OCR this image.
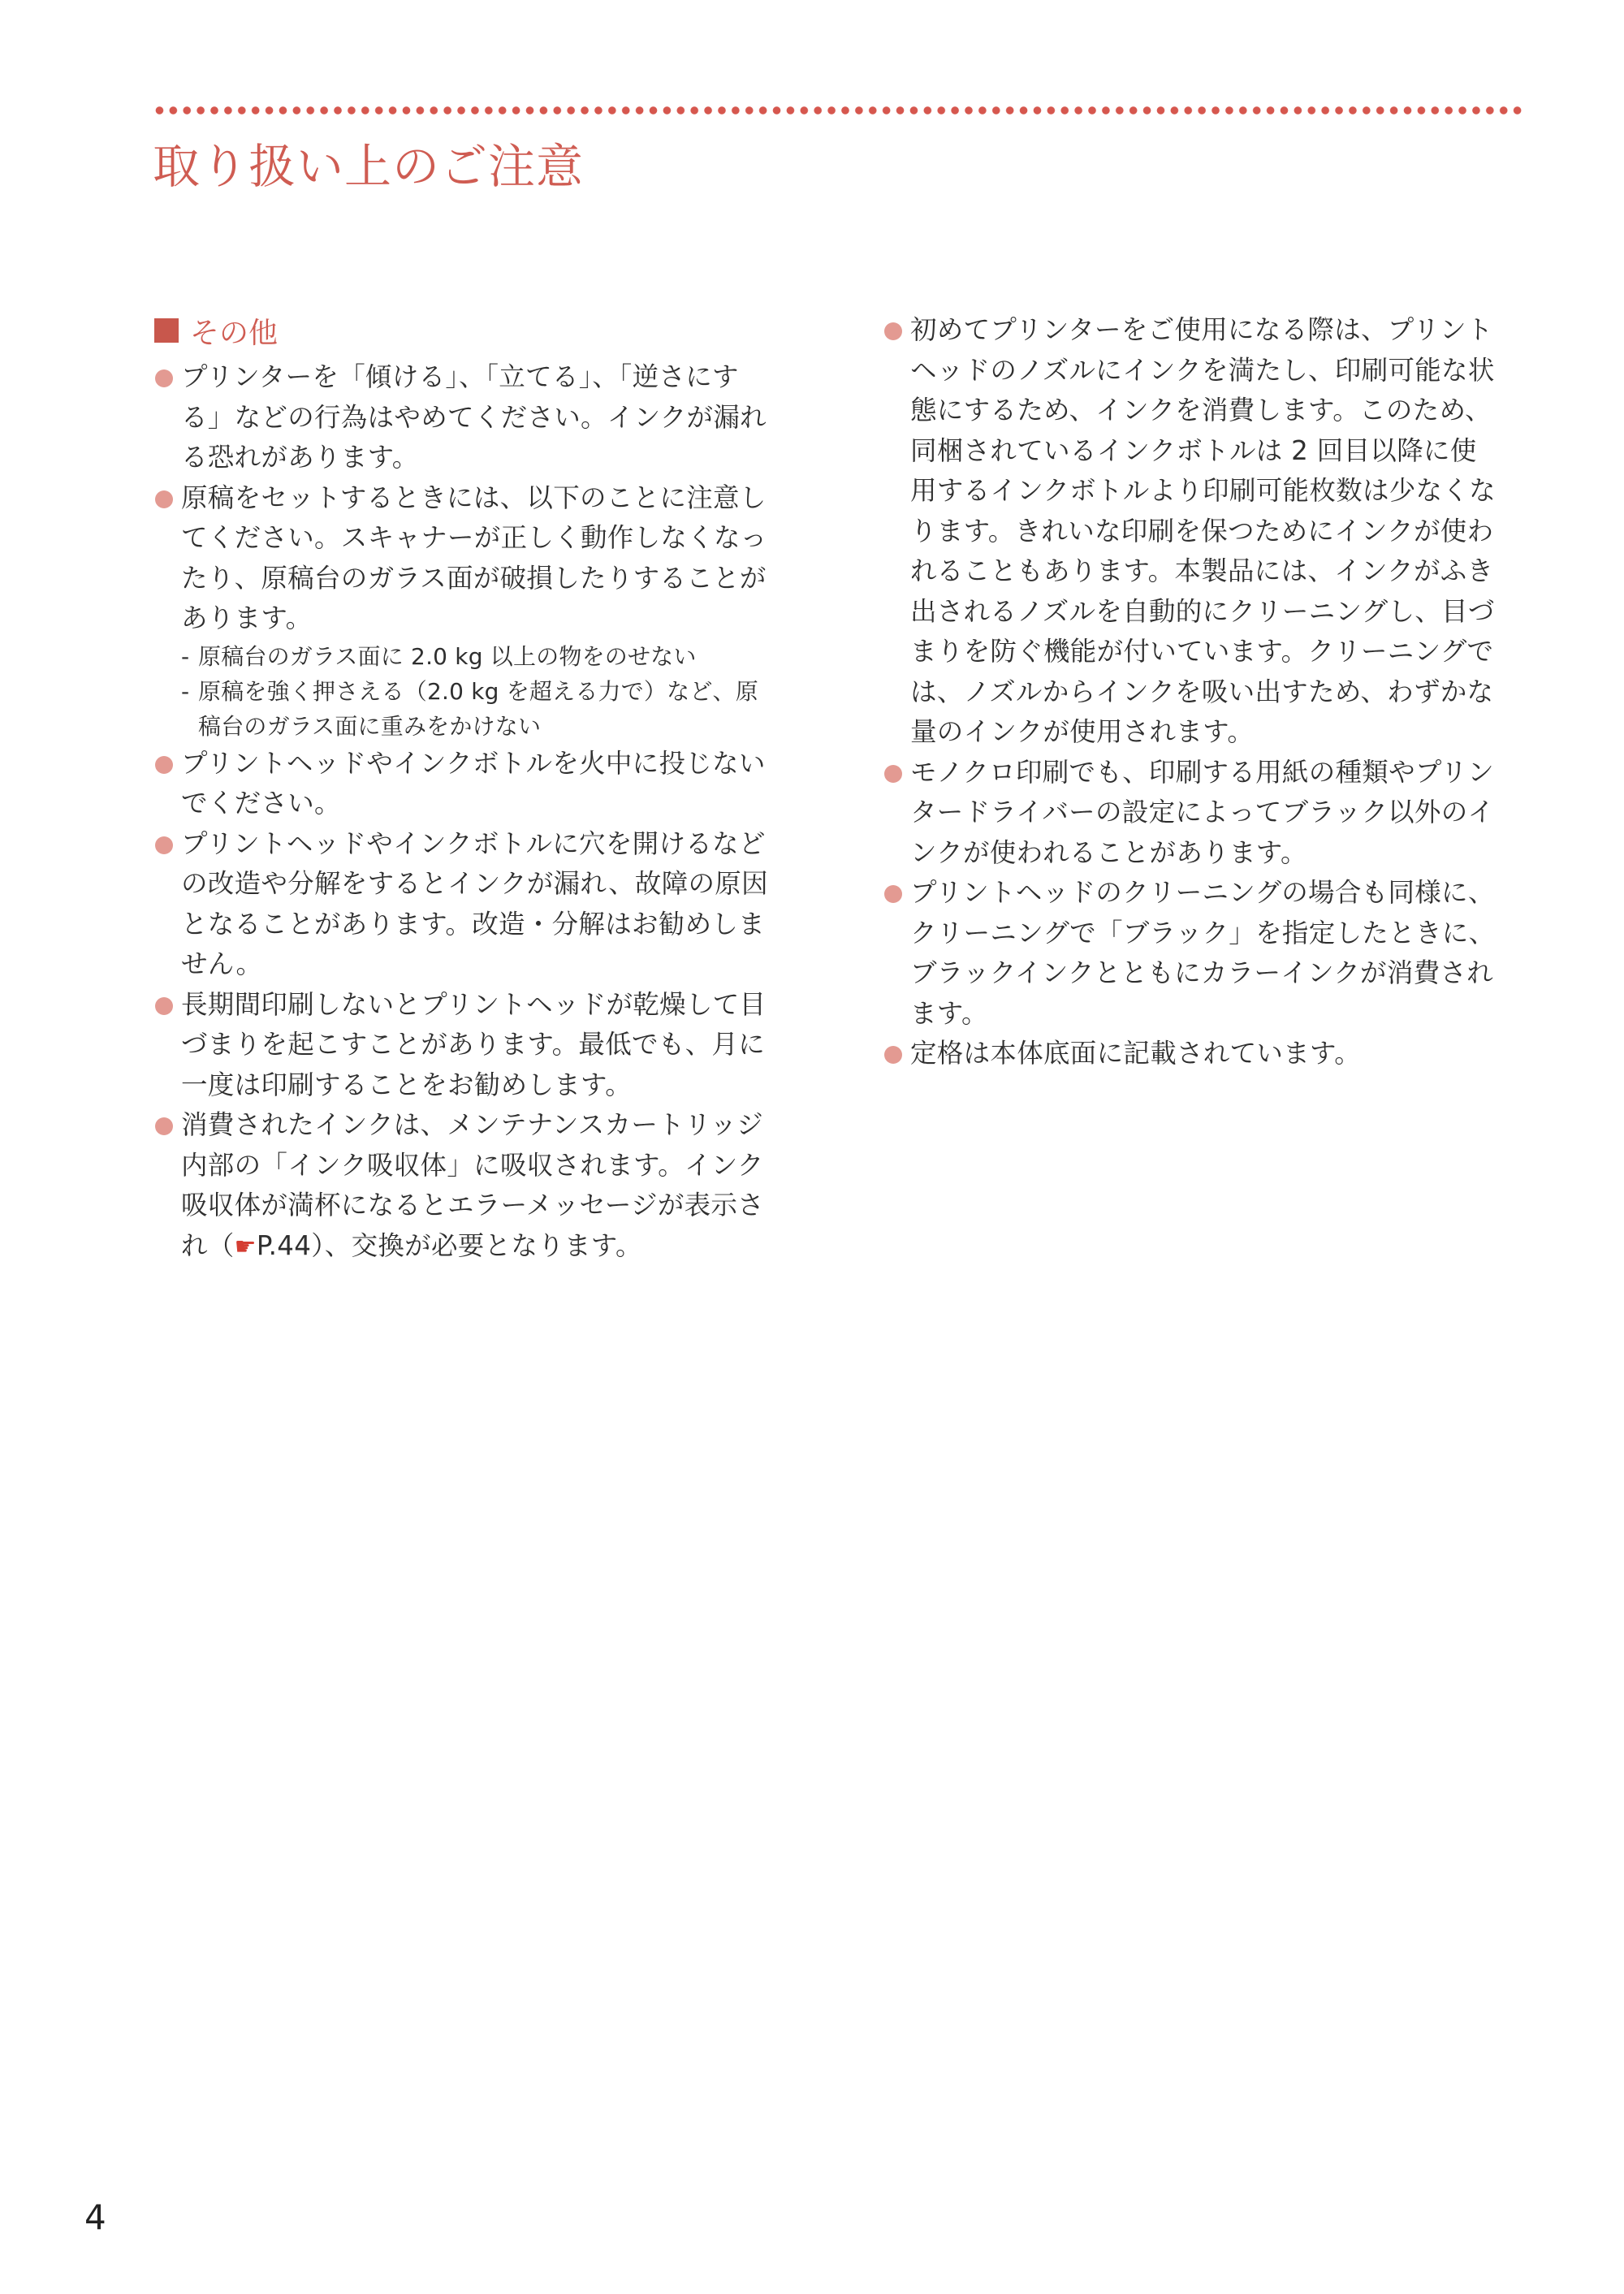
取り扱い上のご注意
その他
プリンターを「傾ける」、「立てる」、「逆さにする」などの行為はやめてください。インクが漏れる恐れがあります。
原稿をセットするときには、以下のことに注意してください。スキャナーが正しく動作しなくなったり、原稿台のガラス面が破損したりすることがあります。
- 原稿台のガラス面に 2.0 kg 以上の物をのせない
- 原稿を強く押さえる（2.0 kg を超える力で）など、原稿台のガラス面に重みをかけない
プリントヘッドやインクボトルを火中に投じないでください。
プリントヘッドやインクボトルに穴を開けるなどの改造や分解をするとインクが漏れ、故障の原因となることがあります。改造・分解はお勧めしません。
長期間印刷しないとプリントヘッドが乾燥して目づまりを起こすことがあります。最低でも、月に一度は印刷することをお勧めします。
消費されたインクは、メンテナンスカートリッジ内部の「インク吸収体」に吸収されます。インク吸収体が満杯になるとエラーメッセージが表示され（☛P.44）、交換が必要となります。
初めてプリンターをご使用になる際は、プリントヘッドのノズルにインクを満たし、印刷可能な状態にするため、インクを消費します。このため、同梱されているインクボトルは 2 回目以降に使用するインクボトルより印刷可能枚数は少なくなります。きれいな印刷を保つためにインクが使われることもあります。本製品には、インクがふき出されるノズルを自動的にクリーニングし、目づまりを防ぐ機能が付いています。クリーニングでは、ノズルからインクを吸い出すため、わずかな量のインクが使用されます。
モノクロ印刷でも、印刷する用紙の種類やプリンタードライバーの設定によってブラック以外のインクが使われることがあります。
プリントヘッドのクリーニングの場合も同様に、クリーニングで「ブラック」を指定したときに、ブラックインクとともにカラーインクが消費されます。
定格は本体底面に記載されています。
4
